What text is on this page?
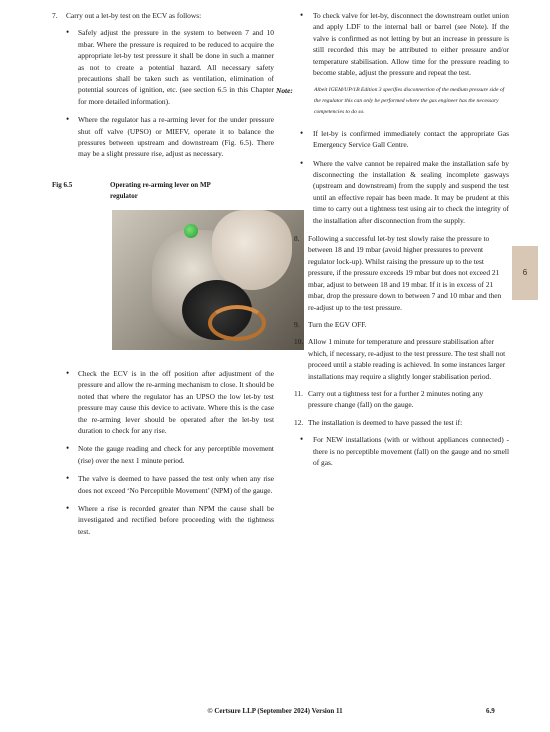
7.	Carry out a let-by test on the ECV as follows:
•	Safely adjust the pressure in the system to between 7 and 10 mbar. Where the pressure is required to be reduced to acquire the appropriate let-by test pressure it shall be done in such a manner as not to create a potential hazard. All necessary safety precautions shall be taken such as ventilation, elimination of potential sources of ignition, etc. (see section 6.5 in this Chapter for more detailed information).
•	Where the regulator has a re-arming lever for the under pressure shut off valve (UPSO) or MIEFV, operate it to balance the pressures between upstream and downstream (Fig. 6.5). There may be a slight pressure rise, adjust as necessary.
Fig 6.5	Operating re-arming lever on MP regulator
•	Check the ECV is in the off position after adjustment of the pressure and allow the re-arming mechanism to close. It should be noted that where the regulator has an UPSO the low let-by test pressure may cause this device to activate. Where this is the case the re-arming lever should be operated after the let-by test duration to check for any rise.
•	Note the gauge reading and check for any perceptible movement (rise) over the next 1 minute period.
•	The valve is deemed to have passed the test only when any rise does not exceed ‘No Perceptible Movement’ (NPM) of the gauge.
•	Where a rise is recorded greater than NPM the cause shall be investigated and rectified before proceeding with the tightness test.
•	To check valve for let-by, disconnect the downstream outlet union and apply LDF to the internal ball or barrel (see Note). If the valve is confirmed as not letting by but an increase in pressure is still recorded this may be attributed to either pressure and/or temperature stabilisation. Allow time for the pressure reading to become stable, adjust the pressure and repeat the test.
Note:	Albeit IGEM/UP/1B Edition 3 specifies disconnection of the medium pressure side of the regulator this can only be performed where the gas engineer has the necessary competencies to do so.
•	If let-by is confirmed immediately contact the appropriate Gas Emergency Service Gall Centre.
•	Where the valve cannot be repaired make the installation safe by disconnecting the installation & sealing incomplete gasways (upstream and downstream) from the supply and suspend the test until an effective repair has been made. It may be prudent at this time to carry out a tightness test using air to check the integrity of the installation after disconnection from the supply.
8.	Following a successful let-by test slowly raise the pressure to between 18 and 19 mbar (avoid higher pressures to prevent regulator lock-up). Whilst raising the pressure up to the test pressure, if the pressure exceeds 19 mbar but does not exceed 21 mbar, adjust to between 18 and 19 mbar. If it is in excess of 21 mbar, drop the pressure down to between 7 and 10 mbar and then re-adjust up to the test pressure.
9.	Turn the EGV OFF.
10. Allow 1 minute for temperature and pressure stabilisation after which, if necessary, re-adjust to the test pressure. The test shall not proceed until a stable reading is achieved. In some instances larger installations may require a slightly longer stabilisation period.
11. Carry out a tightness test for a further 2 minutes noting any pressure change (fall) on the gauge.
12. The installation is deemed to have passed the test if:
•	For NEW installations (with or without appliances connected) - there is no perceptible movement (fall) on the gauge and no smell of gas.
6
© Certsure LLP (September 2024) Version 11	6.9
